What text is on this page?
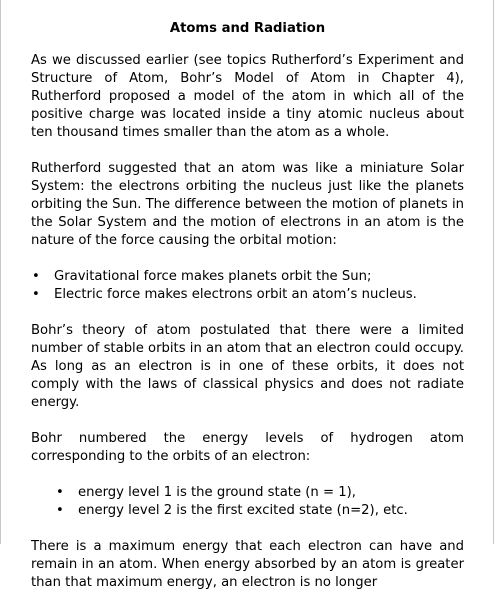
Atoms and Radiation

As we discussed earlier (see topics Rutherford’s Experiment and Structure of Atom, Bohr’s Model of Atom in Chapter 4), Rutherford proposed a model of the atom in which all of the positive charge was located inside a tiny atomic nucleus about ten thousand times smaller than the atom as a whole.

Rutherford suggested that an atom was like a miniature Solar System: the electrons orbiting the nucleus just like the planets orbiting the Sun. The difference between the motion of planets in the Solar System and the motion of electrons in an atom is the nature of the force causing the orbital motion:

• Gravitational force makes planets orbit the Sun;
• Electric force makes electrons orbit an atom’s nucleus.

Bohr’s theory of atom postulated that there were a limited number of stable orbits in an atom that an electron could occupy. As long as an electron is in one of these orbits, it does not comply with the laws of classical physics and does not radiate energy.

Bohr numbered the energy levels of hydrogen atom corresponding to the orbits of an electron:

• energy level 1 is the ground state (n = 1),
• energy level 2 is the first excited state (n=2), etc.

There is a maximum energy that each electron can have and remain in an atom. When energy absorbed by an atom is greater than that maximum energy, an electron is no longer
